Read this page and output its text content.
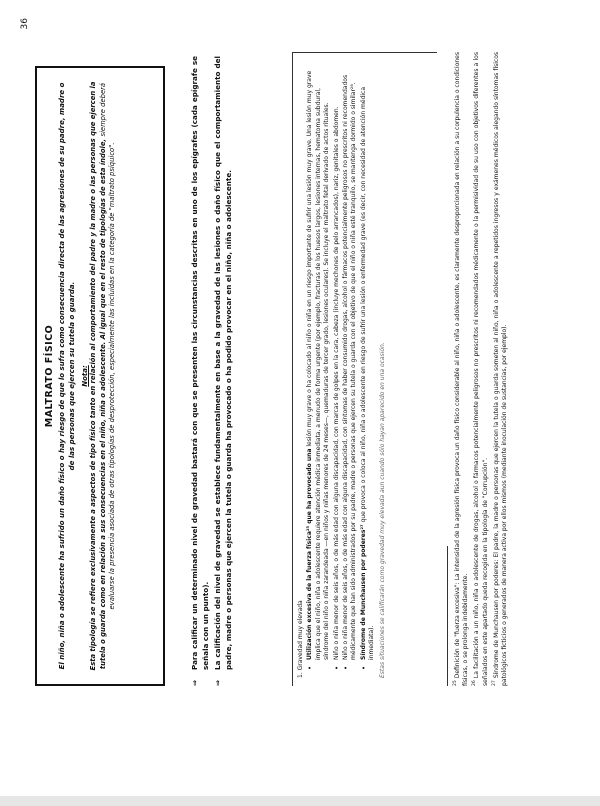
36
MALTRATO FÍSICO El niño, niña o adolescente ha sufrido un daño físico o hay riesgo de que lo sufra como consecuencia directa de las agresiones de su padre, madre o de las personas que ejercen su tutela o guarda. Nota: Esta tipología se refiere exclusivamente a aspectos de tipo físico tanto en relación al comportamiento del padre y la madre o las personas que ejercen la tutela o guarda como en relación a sus consecuencias en el niño, niña o adolescente. Al igual que en el resto de tipologías de esta índole, siempre deberá evaluarse la presencia asociada de otras tipologías de desprotección, especialmente las incluidas en la categoría de "maltrato psíquico".
⇒
Para calificar un determinado nivel de gravedad bastará con que se presenten las circunstancias descritas en uno de los epígrafes (cada epígrafe se señala con un punto).
⇒
La calificación del nivel de gravedad se establece fundamentalmente en base a la gravedad de las lesiones o daño físico que el comportamiento del padre, madre o personas que ejercen la tutela o guarda ha provocado o ha podido provocar en el niño, niña o adolescente.	1. Gravedad muy elevada • Utilización excesiva de la fuerza física²⁵ que ha provocado una lesión muy grave o ha colocado al niño o niña en un riesgo importante de sufrir una lesión muy grave. Una lesión muy grave implica que el niño, niña o adolescente requiere atención médica inmediata, a menudo de forma urgente (por ejemplo, fracturas de los huesos largos, lesiones internas, hematoma subdural, síndrome del niño o niña zarandeada —en niños y niñas menores de 24 meses—, quemaduras de tercer grado, lesiones oculares). Se incluye el maltrato fetal derivado de actos rituales. • Niño o niña menor de seis años, o de más edad con alguna discapacidad, con marcas de golpes en la cara, cabeza (incluye mechones de pelo arrancados), nariz, genitales o abdomen. • Niño o niña menor de seis años, o de más edad con alguna discapacidad, con síntomas de haber consumido drogas, alcohol o fármacos potencialmente peligrosos no prescritos ni recomendados médicamente que han sido administrados por su padre, madre o personas que ejercen su tutela o guarda con el objetivo de que el niño o niña esté tranquilo, se mantenga dormido o similar²⁶. • Síndrome de Munchausen por poderes²⁷ que provoca o coloca al niño, niña o adolescente en riesgo de sufrir una lesión o enfermedad grave (es decir, con necesidad de atención médica inmediata). Estas situaciones se calificarán como gravedad muy elevada aun cuando sólo hayan aparecido en una ocasión.

$^{25}$ Definición de "fuerza excesiva": La intensidad de la agresión física provoca un daño físico considerable al niño, niña o adolescente, es claramente desproporcionada en relación a su corpulencia o condiciones físicas, o se prolonga indebidamente. $^{26}$ La facilitación a un niño, niña o adolescente de drogas, alcohol o fármacos potencialmente peligrosos no prescritos ni recomendados médicamente o la permisividad de su uso con objetivos diferentes a los señalados en este apartado queda recogida en la tipología de "Corrupción". $^{27}$ Síndrome de Munchausen por poderes: El padre, la madre o personas que ejercen la tutela o guarda someten al niño, niña o adolescente a repetidos ingresos y exámenes médicos alegando síntomas físicos patológicos ficticios o generados de manera activa por ellos mismos (mediante inoculación de sustancias, por ejemplo).
